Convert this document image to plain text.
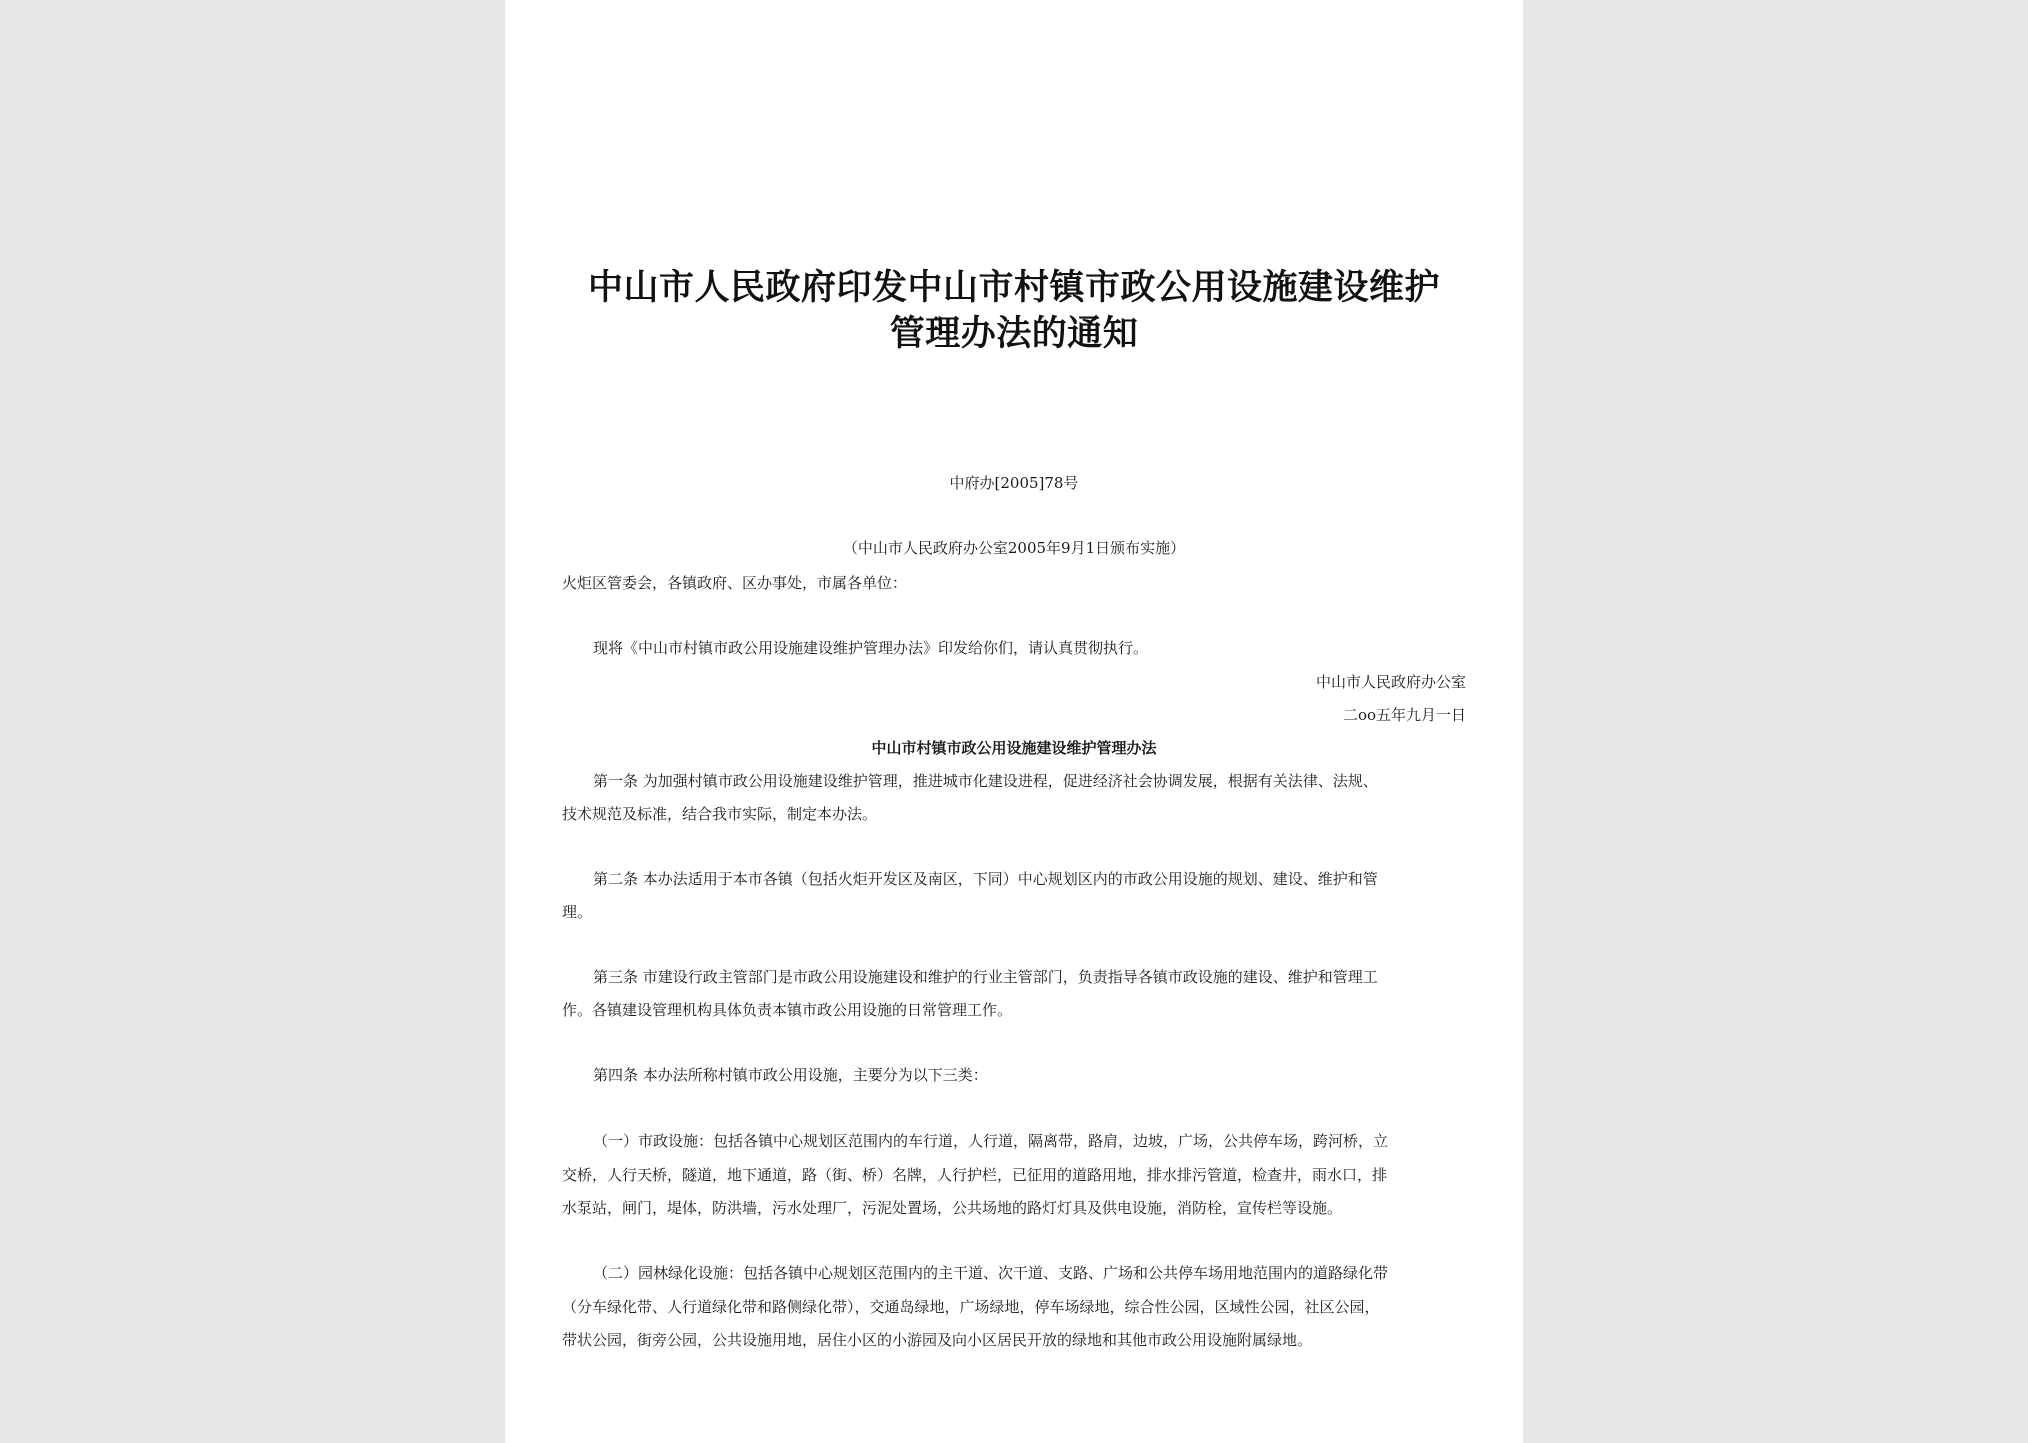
中山市人民政府印发中山市村镇市政公用设施建设维护
管理办法的通知
中府办[2005]78号
（中山市人民政府办公室2005年9月1日颁布实施）
火炬区管委会，各镇政府、区办事处，市属各单位：
现将《中山市村镇市政公用设施建设维护管理办法》印发给你们，请认真贯彻执行。
中山市人民政府办公室
二oo五年九月一日
中山市村镇市政公用设施建设维护管理办法
第一条 为加强村镇市政公用设施建设维护管理，推进城市化建设进程，促进经济社会协调发展，根据有关法律、法规、
技术规范及标准，结合我市实际，制定本办法。
第二条 本办法适用于本市各镇（包括火炬开发区及南区，下同）中心规划区内的市政公用设施的规划、建设、维护和管
理。
第三条 市建设行政主管部门是市政公用设施建设和维护的行业主管部门，负责指导各镇市政设施的建设、维护和管理工
作。各镇建设管理机构具体负责本镇市政公用设施的日常管理工作。
第四条 本办法所称村镇市政公用设施，主要分为以下三类：
（一）市政设施：包括各镇中心规划区范围内的车行道，人行道，隔离带，路肩，边坡，广场，公共停车场，跨河桥，立
交桥，人行天桥，隧道，地下通道，路（街、桥）名牌，人行护栏，已征用的道路用地，排水排污管道，检查井，雨水口，排
水泵站，闸门，堤体，防洪墙，污水处理厂，污泥处置场，公共场地的路灯灯具及供电设施，消防栓，宣传栏等设施。
（二）园林绿化设施：包括各镇中心规划区范围内的主干道、次干道、支路、广场和公共停车场用地范围内的道路绿化带
（分车绿化带、人行道绿化带和路侧绿化带），交通岛绿地，广场绿地，停车场绿地，综合性公园，区域性公园，社区公园，
带状公园，街旁公园，公共设施用地，居住小区的小游园及向小区居民开放的绿地和其他市政公用设施附属绿地。
